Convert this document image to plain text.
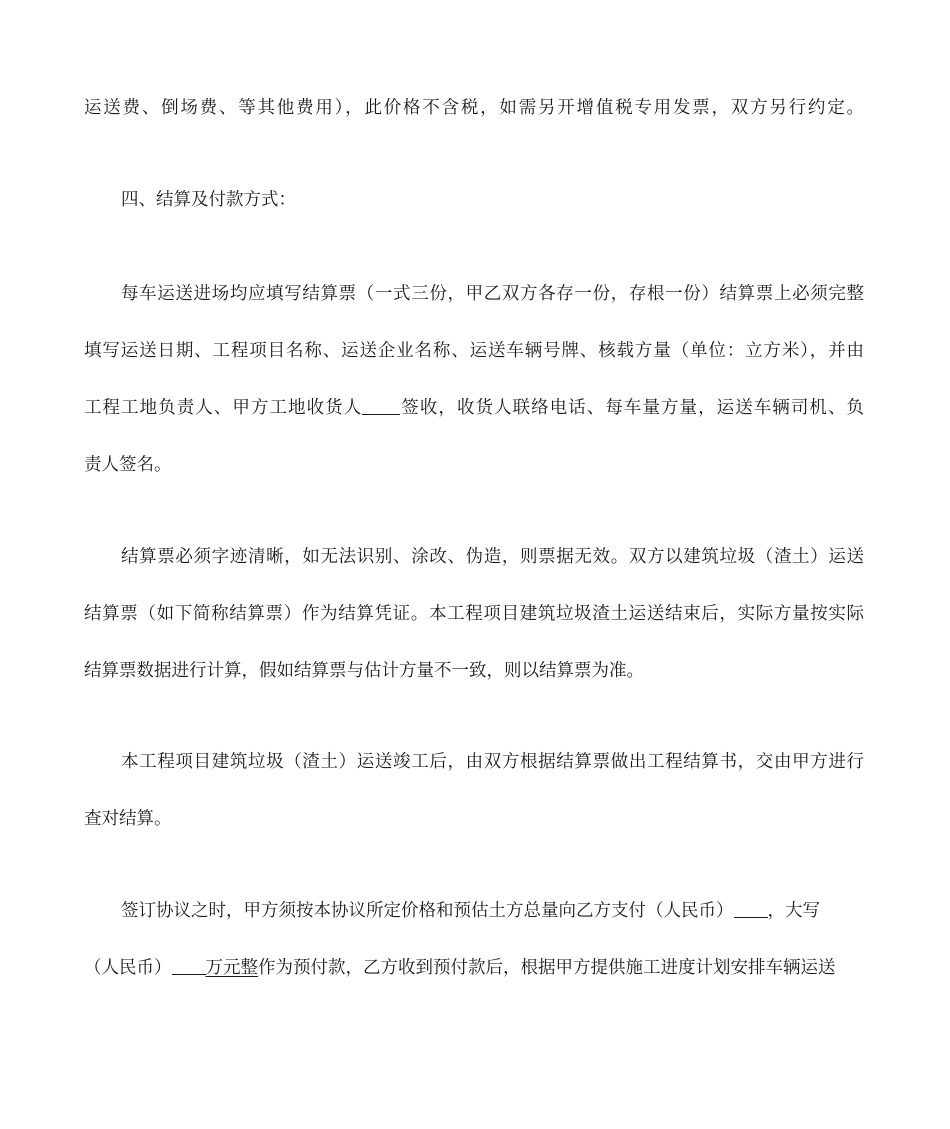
运送费、倒场费、等其他费用），此价格不含税，如需另开增值税专用发票，双方另行约定。
四、结算及付款方式：
每车运送进场均应填写结算票（一式三份，甲乙双方各存一份，存根一份）结算票上必须完整
填写运送日期、工程项目名称、运送企业名称、运送车辆号牌、核载方量（单位：立方米），并由
工程工地负责人、甲方工地收货人 签收，收货人联络电话、每车量方量，运送车辆司机、负
责人签名。
结算票必须字迹清晰，如无法识别、涂改、伪造，则票据无效。双方以建筑垃圾（渣土）运送
结算票（如下简称结算票）作为结算凭证。本工程项目建筑垃圾渣土运送结束后，实际方量按实际
结算票数据进行计算，假如结算票与估计方量不一致，则以结算票为准。
本工程项目建筑垃圾（渣土）运送竣工后，由双方根据结算票做出工程结算书，交由甲方进行
查对结算。
签订协议之时，甲方须按本协议所定价格和预估土方总量向乙方支付（人民币） ，大写
（人民币） 万元整作为预付款，乙方收到预付款后，根据甲方提供施工进度计划安排车辆运送
